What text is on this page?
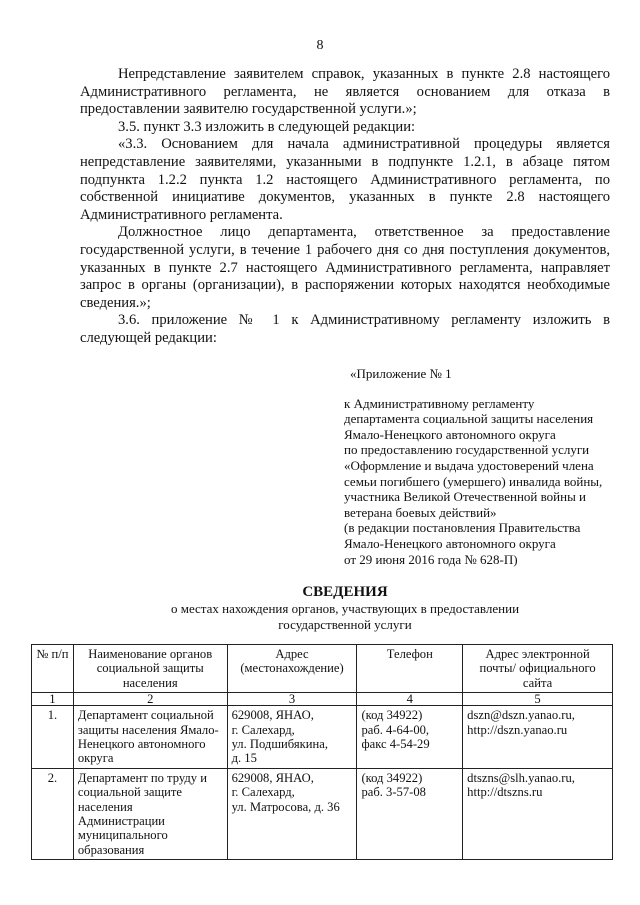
8

Непредставление заявителем справок, указанных в пункте 2.8 настоящего Административного регламента, не является основанием для отказа в предоставлении заявителю государственной услуги.»;

3.5. пункт 3.3 изложить в следующей редакции:

«3.3. Основанием для начала административной процедуры является непредставление заявителями, указанными в подпункте 1.2.1, в абзаце пятом подпункта 1.2.2 пункта 1.2 настоящего Административного регламента, по собственной инициативе документов, указанных в пункте 2.8 настоящего Административного регламента.

Должностное лицо департамента, ответственное за предоставление государственной услуги, в течение 1 рабочего дня со дня поступления документов, указанных в пункте 2.7 настоящего Административного регламента, направляет запрос в органы (организации), в распоряжении которых находятся необходимые сведения.»;

3.6. приложение № 1 к Административному регламенту изложить в следующей редакции:

«Приложение № 1

к Административному регламенту

департамента социальной защиты населения

Ямало-Ненецкого автономного округа

по предоставлению государственной услуги

«Оформление и выдача удостоверений члена

семьи погибшего (умершего) инвалида войны,

участника Великой Отечественной войны и

ветерана боевых действий»

(в редакции постановления Правительства

Ямало-Ненецкого автономного округа

от 29 июня 2016 года № 628-П)

СВЕДЕНИЯ
о местах нахождения органов, участвующих в предоставлении
государственной услуги
№ п/п	Наименование органов социальной защиты населения	Адрес (местонахождение)	Телефон	Адрес электронной почты/ официального сайта
1	2	3	4	5
1.	Департамент социальной защиты населения Ямало-Ненецкого автономного округа	629008, ЯНАО,
г. Салехард,
ул. Подшибякина,
д. 15	(код 34922)
раб. 4-64-00,
факс 4-54-29	dszn@dszn.yanao.ru,
http://dszn.yanao.ru
2.	Департамент по труду и социальной защите населения Администрации муниципального образования	629008, ЯНАО,
г. Салехард,
ул. Матросова, д. 36	(код 34922)
раб. 3-57-08	dtszns@slh.yanao.ru,
http://dtszns.ru
